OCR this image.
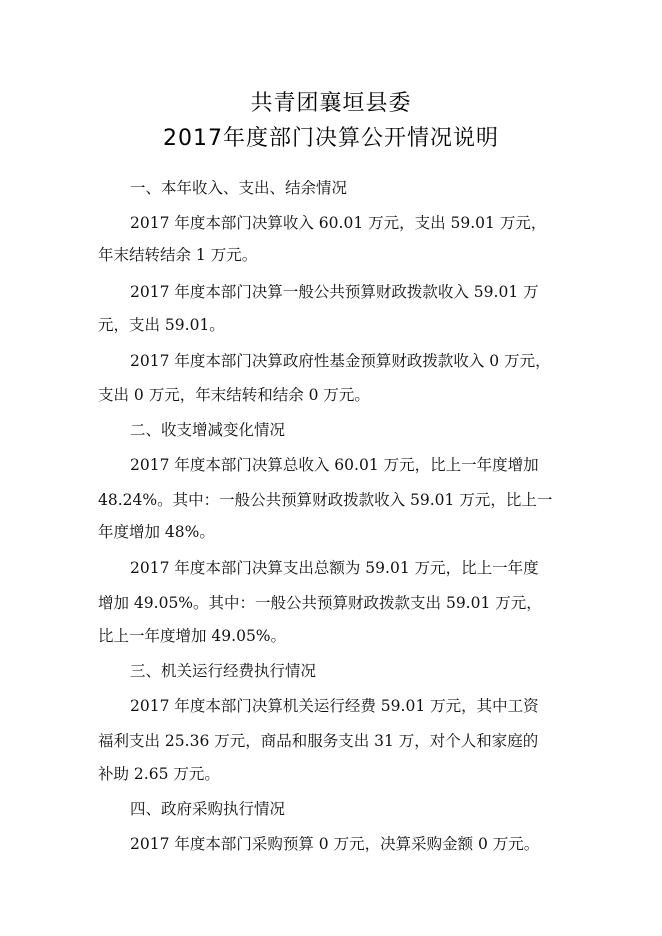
共青团襄垣县委
2017年度部门决算公开情况说明
一、本年收入、支出、结余情况
2017 年度本部门决算收入 60.01 万元，支出 59.01 万元，
年末结转结余 1 万元。
2017 年度本部门决算一般公共预算财政拨款收入 59.01 万
元，支出 59.01。
2017 年度本部门决算政府性基金预算财政拨款收入 0 万元，
支出 0 万元，年末结转和结余 0 万元。
二、收支增减变化情况
2017 年度本部门决算总收入 60.01 万元，比上一年度增加
48.24%。其中：一般公共预算财政拨款收入 59.01 万元，比上一
年度增加 48%。
2017 年度本部门决算支出总额为 59.01 万元，比上一年度
增加 49.05%。其中：一般公共预算财政拨款支出 59.01 万元，
比上一年度增加 49.05%。
三、机关运行经费执行情况
2017 年度本部门决算机关运行经费 59.01 万元，其中工资
福利支出 25.36 万元，商品和服务支出 31 万，对个人和家庭的
补助 2.65 万元。
四、政府采购执行情况
2017 年度本部门采购预算 0 万元，决算采购金额 0 万元。
